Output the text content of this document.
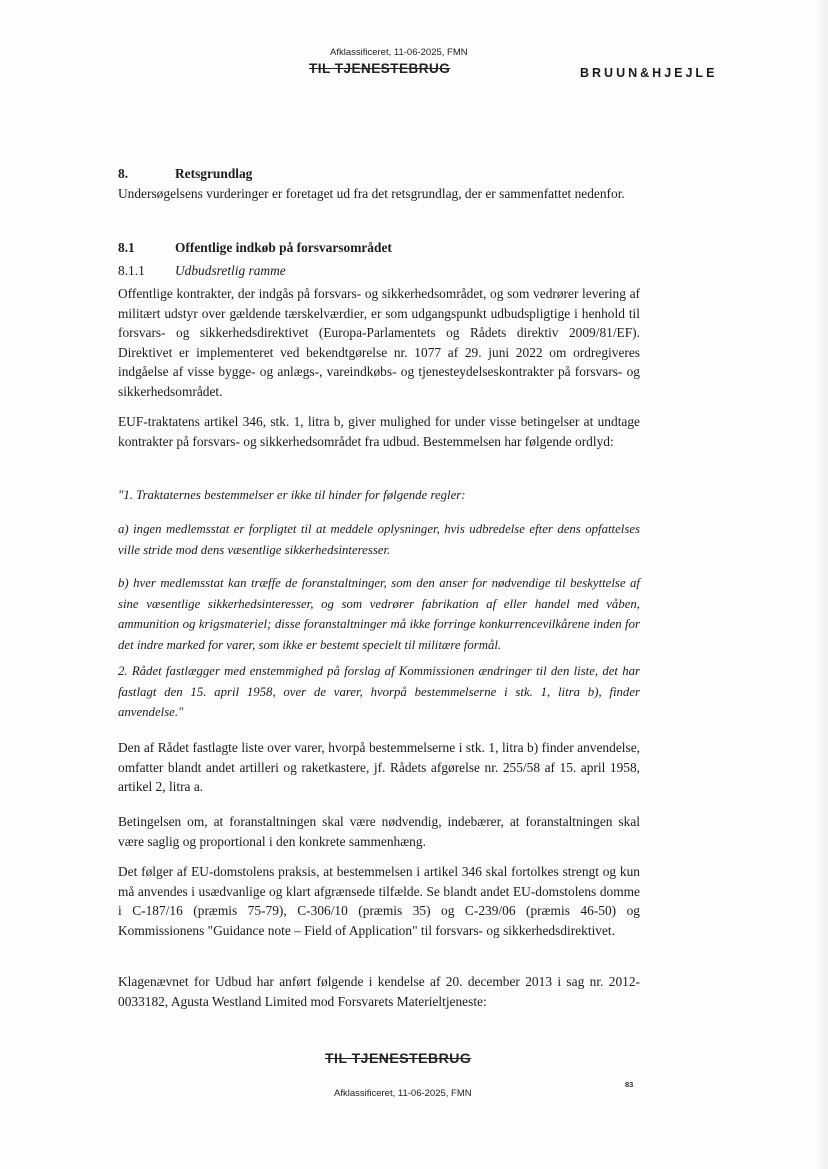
Afklassificeret, 11-06-2025, FMN
TIL TJENESTEBRUG	BRUUN&HJEJLE
8.	Retsgrundlag
Undersøgelsens vurderinger er foretaget ud fra det retsgrundlag, der er sammenfattet nedenfor.
8.1	Offentlige indkøb på forsvarsområdet
8.1.1 Udbudsretlig ramme
Offentlige kontrakter, der indgås på forsvars- og sikkerhedsområdet, og som vedrører levering af militært udstyr over gældende tærskelværdier, er som udgangspunkt udbudspligtige i henhold til forsvars- og sikkerhedsdirektivet (Europa-Parlamentets og Rådets direktiv 2009/81/EF). Direktivet er implementeret ved bekendtgørelse nr. 1077 af 29. juni 2022 om ordregiveres indgåelse af visse bygge- og anlægs-, vareindkøbs- og tjenesteydelseskontrakter på forsvars- og sikkerhedsområdet.
EUF-traktatens artikel 346, stk. 1, litra b, giver mulighed for under visse betingelser at undtage kontrakter på forsvars- og sikkerhedsområdet fra udbud. Bestemmelsen har følgende ordlyd:
"1. Traktaternes bestemmelser er ikke til hinder for følgende regler:
a) ingen medlemsstat er forpligtet til at meddele oplysninger, hvis udbredelse efter dens opfattelses ville stride mod dens væsentlige sikkerhedsinteresser.
b) hver medlemsstat kan træffe de foranstaltninger, som den anser for nødvendige til beskyttelse af sine væsentlige sikkerhedsinteresser, og som vedrører fabrikation af eller handel med våben, ammunition og krigsmateriel; disse foranstaltninger må ikke forringe konkurrencevilkårene inden for det indre marked for varer, som ikke er bestemt specielt til militære formål.
2. Rådet fastlægger med enstemmighed på forslag af Kommissionen ændringer til den liste, det har fastlagt den 15. april 1958, over de varer, hvorpå bestemmelserne i stk. 1, litra b), finder anvendelse."
Den af Rådet fastlagte liste over varer, hvorpå bestemmelserne i stk. 1, litra b) finder anvendelse, omfatter blandt andet artilleri og raketkastere, jf. Rådets afgørelse nr. 255/58 af 15. april 1958, artikel 2, litra a.
Betingelsen om, at foranstaltningen skal være nødvendig, indebærer, at foranstaltningen skal være saglig og proportional i den konkrete sammenhæng.
Det følger af EU-domstolens praksis, at bestemmelsen i artikel 346 skal fortolkes strengt og kun må anvendes i usædvanlige og klart afgrænsede tilfælde. Se blandt andet EU-domstolens domme i C-187/16 (præmis 75-79), C-306/10 (præmis 35) og C-239/06 (præmis 46-50) og Kommissionens "Guidance note – Field of Application" til forsvars- og sikkerhedsdirektivet.
Klagenævnet for Udbud har anført følgende i kendelse af 20. december 2013 i sag nr. 2012-0033182, Agusta Westland Limited mod Forsvarets Materieltjeneste:
TIL TJENESTEBRUG
83
Afklassificeret, 11-06-2025, FMN
